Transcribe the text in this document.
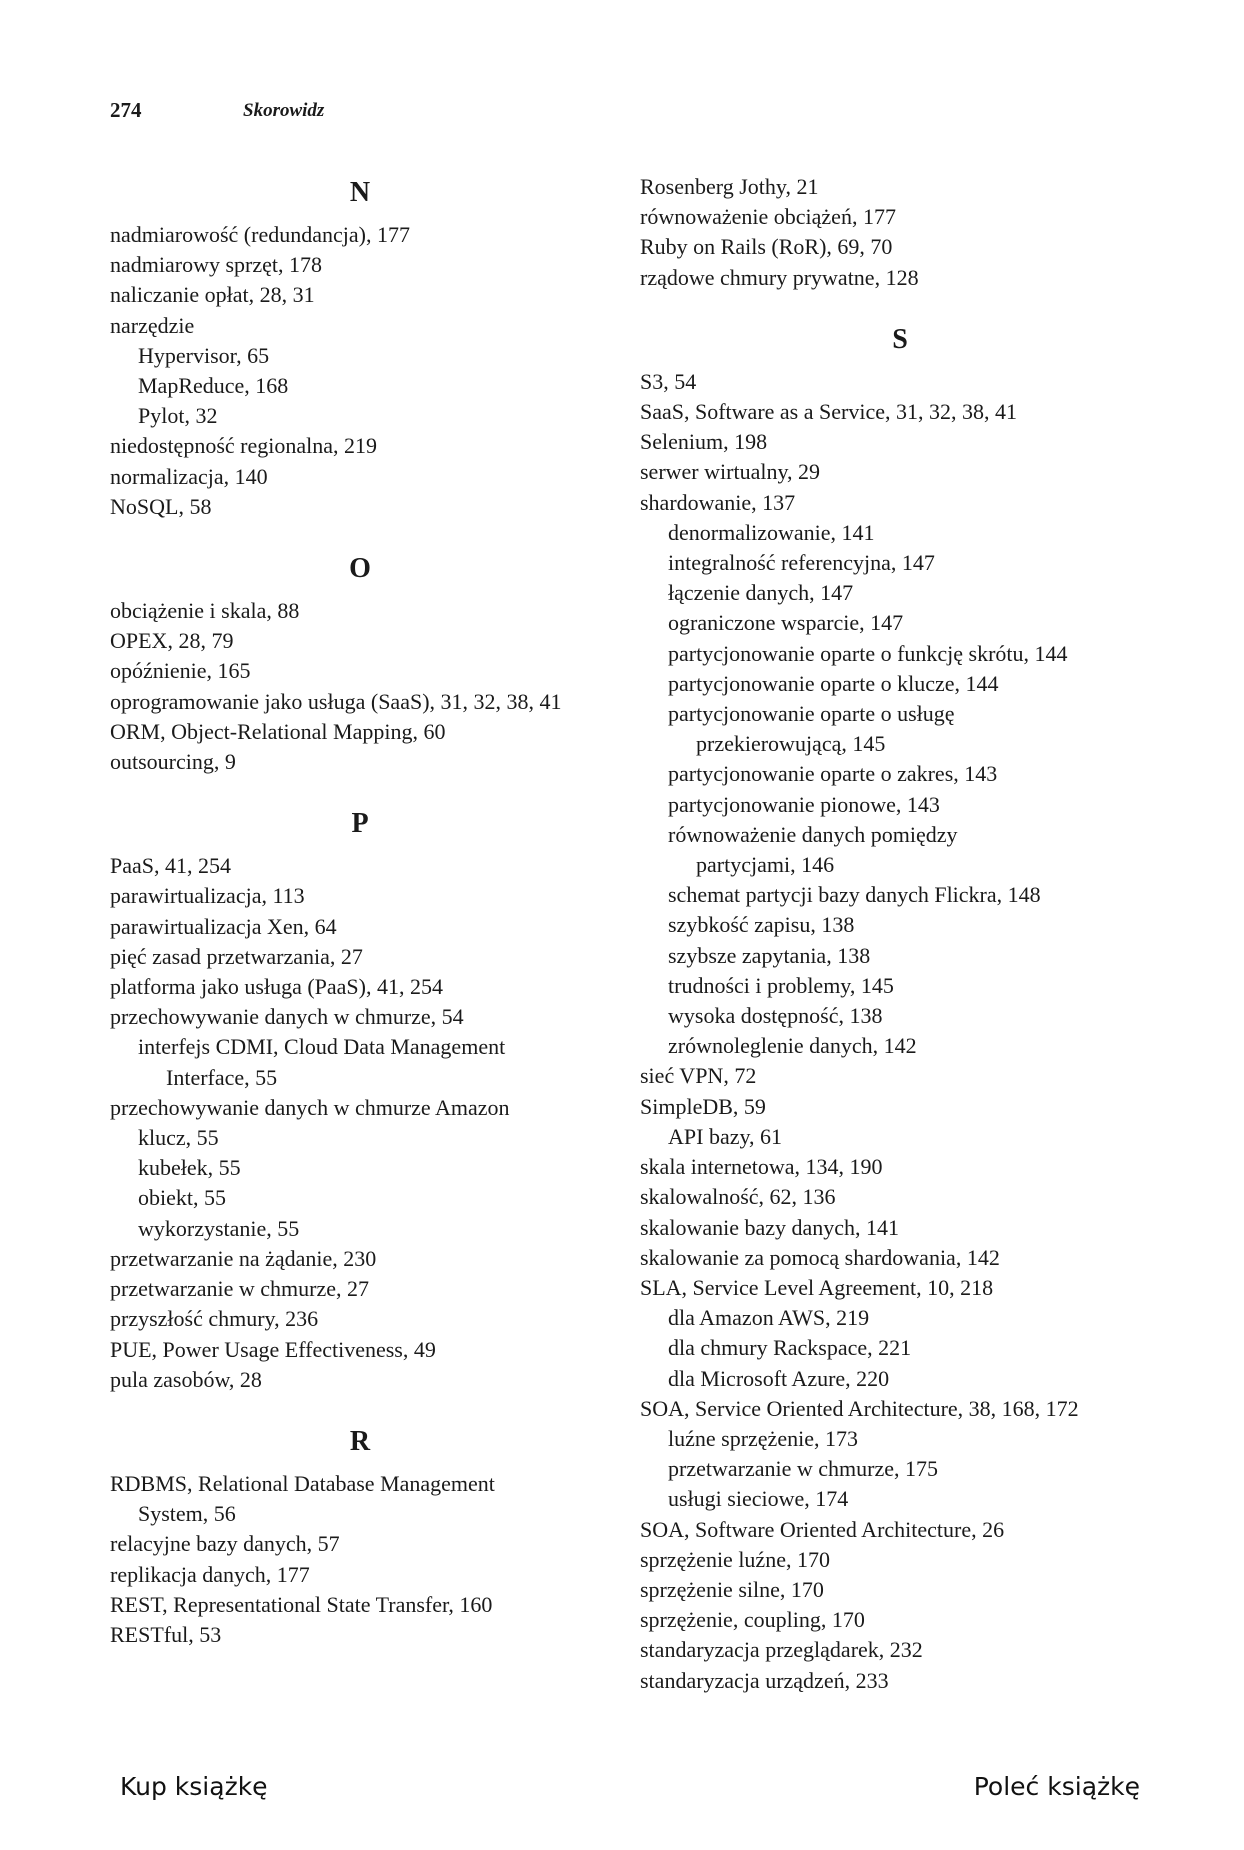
274	Skorowidz
N
nadmiarowość (redundancja), 177
nadmiarowy sprzęt, 178
naliczanie opłat, 28, 31
narzędzie
Hypervisor, 65
MapReduce, 168
Pylot, 32
niedostępność regionalna, 219
normalizacja, 140
NoSQL, 58
O
obciążenie i skala, 88
OPEX, 28, 79
opóźnienie, 165
oprogramowanie jako usługa (SaaS), 31, 32, 38, 41
ORM, Object-Relational Mapping, 60
outsourcing, 9
P
PaaS, 41, 254
parawirtualizacja, 113
parawirtualizacja Xen, 64
pięć zasad przetwarzania, 27
platforma jako usługa (PaaS), 41, 254
przechowywanie danych w chmurze, 54
interfejs CDMI, Cloud Data Management
Interface, 55
przechowywanie danych w chmurze Amazon
klucz, 55
kubełek, 55
obiekt, 55
wykorzystanie, 55
przetwarzanie na żądanie, 230
przetwarzanie w chmurze, 27
przyszłość chmury, 236
PUE, Power Usage Effectiveness, 49
pula zasobów, 28
R
RDBMS, Relational Database Management
System, 56
relacyjne bazy danych, 57
replikacja danych, 177
REST, Representational State Transfer, 160
RESTful, 53
Rosenberg Jothy, 21
równoważenie obciążeń, 177
Ruby on Rails (RoR), 69, 70
rządowe chmury prywatne, 128
S
S3, 54
SaaS, Software as a Service, 31, 32, 38, 41
Selenium, 198
serwer wirtualny, 29
shardowanie, 137
denormalizowanie, 141
integralność referencyjna, 147
łączenie danych, 147
ograniczone wsparcie, 147
partycjonowanie oparte o funkcję skrótu, 144
partycjonowanie oparte o klucze, 144
partycjonowanie oparte o usługę
przekierowującą, 145
partycjonowanie oparte o zakres, 143
partycjonowanie pionowe, 143
równoważenie danych pomiędzy
partycjami, 146
schemat partycji bazy danych Flickra, 148
szybkość zapisu, 138
szybsze zapytania, 138
trudności i problemy, 145
wysoka dostępność, 138
zrównoleglenie danych, 142
sieć VPN, 72
SimpleDB, 59
API bazy, 61
skala internetowa, 134, 190
skalowalność, 62, 136
skalowanie bazy danych, 141
skalowanie za pomocą shardowania, 142
SLA, Service Level Agreement, 10, 218
dla Amazon AWS, 219
dla chmury Rackspace, 221
dla Microsoft Azure, 220
SOA, Service Oriented Architecture, 38, 168, 172
luźne sprzężenie, 173
przetwarzanie w chmurze, 175
usługi sieciowe, 174
SOA, Software Oriented Architecture, 26
sprzężenie luźne, 170
sprzężenie silne, 170
sprzężenie, coupling, 170
standaryzacja przeglądarek, 232
standaryzacja urządzeń, 233
Kup książkę	Poleć książkę
